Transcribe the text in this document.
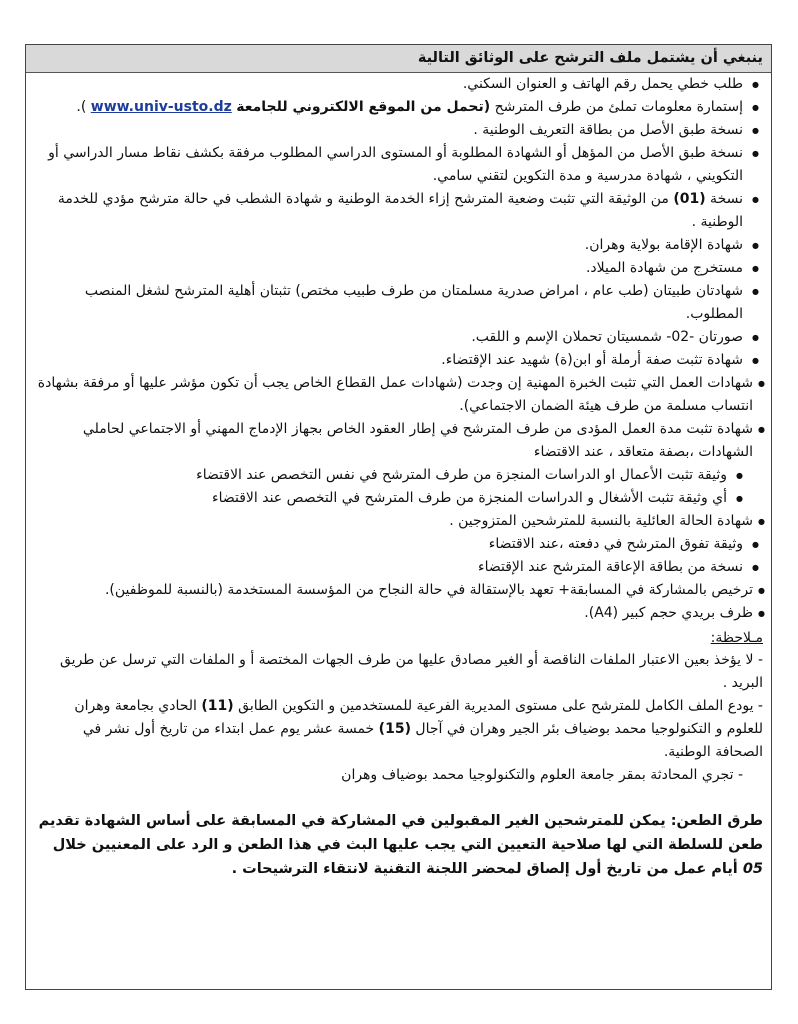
ينبغي أن يشتمل ملف الترشح على الوثائق التالية
● طلب خطي يحمل رقم الهاتف و العنوان السكني.
● إستمارة معلومات تملئ من طرف المترشح (تحمل من الموقع الالكتروني للجامعة www.univ-usto.dz ).
● نسخة طبق الأصل من بطاقة التعريف الوطنية .
● نسخة طبق الأصل من المؤهل أو الشهادة المطلوبة أو المستوى الدراسي المطلوب مرفقة بكشف نقاط مسار الدراسي أو التكويني ، شهادة مدرسية و مدة التكوين لتقني سامي.
● نسخة (01) من الوثيقة التي تثبت وضعية المترشح إزاء الخدمة الوطنية و شهادة الشطب في حالة مترشح مؤدي للخدمة الوطنية .
● شهادة الإقامة بولاية وهران.
● مستخرج من شهادة الميلاد.
● شهادتان طبيتان (طب عام ، امراض صدرية مسلمتان من طرف طبيب مختص) تثبتان أهلية المترشح لشغل المنصب المطلوب.
● صورتان -02- شمسيتان تحملان الإسم و اللقب.
● شهادة تثبت صفة أرملة أو ابن(ة) شهيد عند الإقتضاء.
● شهادات العمل التي تثبت الخبرة المهنية إن وجدت (شهادات عمل القطاع الخاص يجب أن تكون مؤشر عليها أو مرفقة بشهادة انتساب مسلمة من طرف هيئة الضمان الاجتماعي).
● شهادة تثبت مدة العمل المؤدى من طرف المترشح في إطار العقود الخاص بجهاز الإدماج المهني أو الاجتماعي لحاملي الشهادات ،بصفة متعاقد ، عند الاقتضاء
● وثيقة تثبت الأعمال او الدراسات المنجزة من طرف المترشح في نفس التخصص عند الاقتضاء
● أي وثيقة تثبت الأشغال و الدراسات المنجزة من طرف المترشح في التخصص عند الاقتضاء
● شهادة الحالة العائلية بالنسبة للمترشحين المتزوجين .
● وثيقة تفوق المترشح في دفعته ،عند الاقتضاء
● نسخة من بطاقة الإعاقة المترشح عند الإقتضاء
● ترخيص بالمشاركة في المسابقة+ تعهد بالإستقالة في حالة النجاح من المؤسسة المستخدمة (بالنسبة للموظفين).
● ظرف بريدي حجم كبير (A4).
مـلاحظة:
- لا يؤخذ بعين الاعتبار الملفات الناقصة أو الغير مصادق عليها من طرف الجهات المختصة أ و الملفات التي ترسل عن طريق البريد .
- يودع الملف الكامل للمترشح على مستوى المديرية الفرعية للمستخدمين و التكوين الطابق (11) الحادي بجامعة وهران للعلوم و التكنولوجيا محمد بوضياف بئر الجير وهران في آجال (15) خمسة عشر يوم عمل ابتداء من تاريخ أول نشر في الصحافة الوطنية.
- تجري المحادثة بمقر جامعة العلوم والتكنولوجيا محمد بوضياف وهران
طرق الطعن: يمكن للمترشحين الغير المقبولين في المشاركة في المسابقة على أساس الشهادة تقديم طعن للسلطة التي لها صلاحية التعيين التي يجب عليها البث في هذا الطعن و الرد على المعنيين خلال 05 أيام عمل من تاريخ أول إلصاق لمحضر اللجنة التقنية لانتقاء الترشيحات .
